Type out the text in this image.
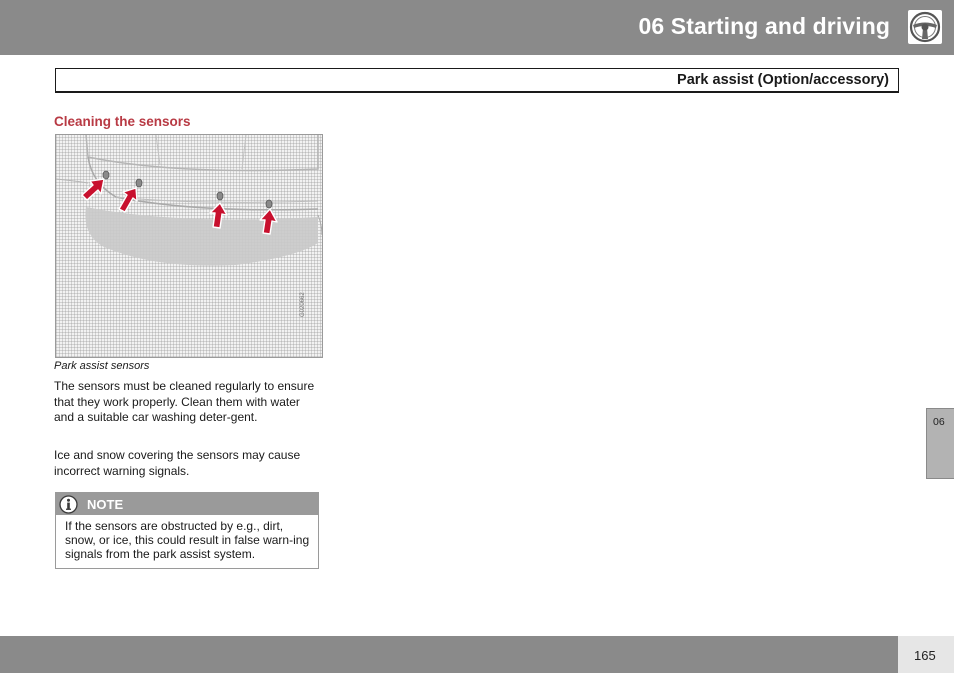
06 Starting and driving
Park assist (Option/accessory)
Cleaning the sensors
G020662
Park assist sensors

The sensors must be cleaned regularly to ensure that they work properly. Clean them with water and a suitable car washing deter-gent.

Ice and snow covering the sensors may cause incorrect warning signals.

NOTE

If the sensors are obstructed by e.g., dirt, snow, or ice, this could result in false warn-ing signals from the park assist system.

06
165
